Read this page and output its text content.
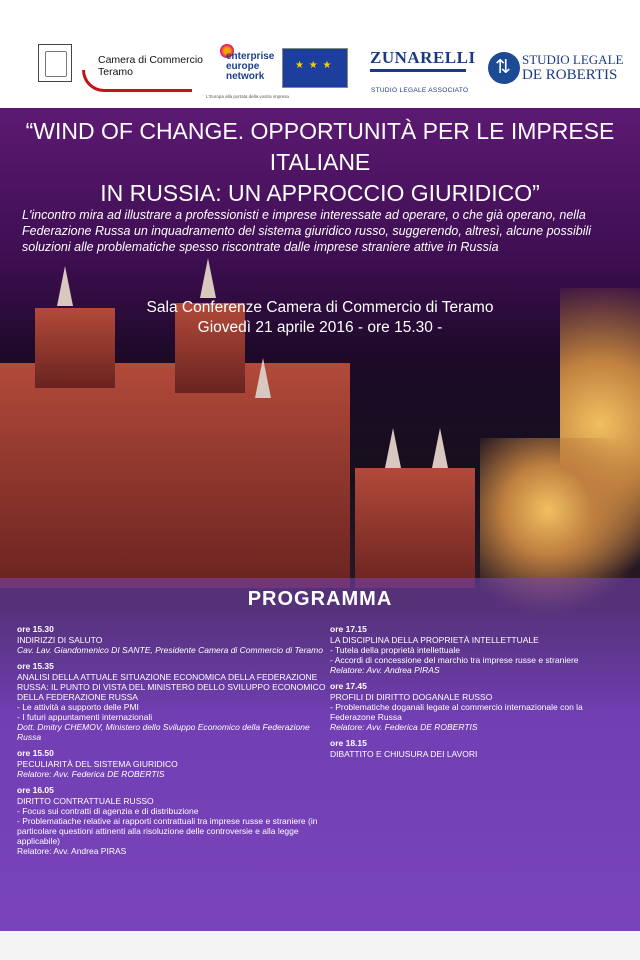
Camera di Commercio
Teramo
enterprise
europe
network
L'Europa alla portata della vostra impresa
★ ★ ★
ZUNARELLI
STUDIO LEGALE ASSOCIATO
⇅
STUDIO LEGALE
DE ROBERTIS
“WIND OF CHANGE. OPPORTUNITÀ PER LE IMPRESE ITALIANE
IN RUSSIA: UN APPROCCIO GIURIDICO”
L'incontro mira ad illustrare a professionisti e imprese interessate ad operare, o che già operano, nella Federazione Russa un inquadramento del sistema giuridico russo, suggerendo, altresì, alcune possibili soluzioni alle problematiche spesso riscontrate dalle imprese straniere attive in Russia
Sala Conferenze Camera di Commercio di Teramo
Giovedì 21 aprile 2016 - ore 15.30 -
PROGRAMMA
ore 15.30
INDIRIZZI DI SALUTO
Cav. Lav. Giandomenico DI SANTE, Presidente Camera di Commercio di Teramo
ore 15.35
ANALISI DELLA ATTUALE SITUAZIONE ECONOMICA DELLA FEDERAZIONE RUSSA: IL PUNTO DI VISTA DEL MINISTERO DELLO SVILUPPO ECONOMICO DELLA FEDERAZIONE RUSSA
- Le attività a supporto delle PMI
- I futuri appuntamenti internazionali
Dott. Dmitry CHEMOV, Ministero dello Sviluppo Economico della Federazione Russa
ore 15.50
PECULIARITÀ DEL SISTEMA GIURIDICO
Relatore: Avv. Federica DE ROBERTIS
ore 16.05
DIRITTO CONTRATTUALE RUSSO
- Focus sui contratti di agenzia e di distribuzione
- Problematiache relative ai rapporti contrattuali tra imprese russe e straniere (in particolare questioni attinenti alla risoluzione delle controversie e alla legge applicabile)
Relatore: Avv. Andrea PIRAS
ore 17.15
LA DISCIPLINA DELLA PROPRIETÀ INTELLETTUALE
- Tutela della proprietà intellettuale
- Accordi di concessione del marchio tra imprese russe e straniere
Relatore: Avv. Andrea PIRAS
ore 17.45
PROFILI DI DIRITTO DOGANALE RUSSO
- Problematiche doganali legate al commercio internazionale con la Federazone Russa
Relatore: Avv. Federica DE ROBERTIS
ore 18.15
DIBATTITO E CHIUSURA DEI LAVORI
